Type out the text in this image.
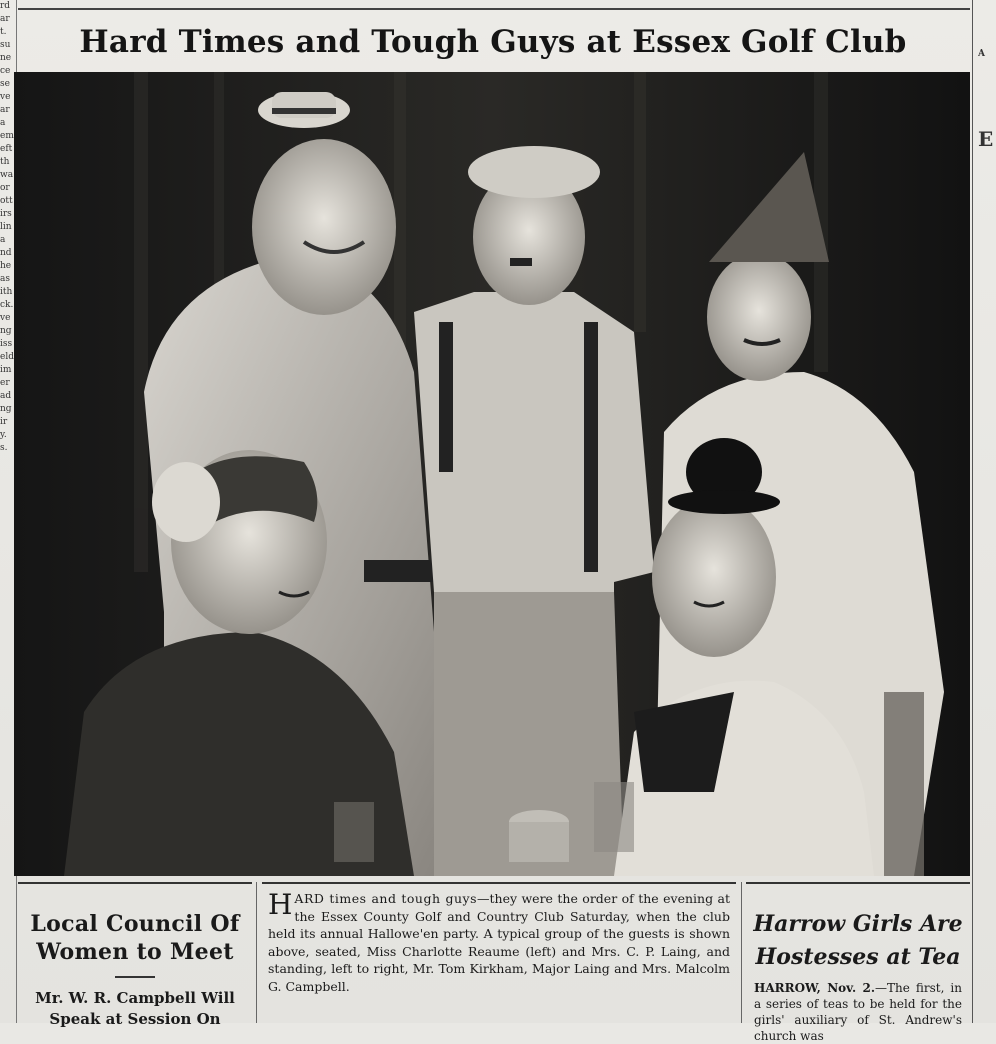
rd
ar
t.
su
ne
ce
se
ve
ar
a
em
eft
th
wa
or
ott
irs
lin
a
nd
he
as
ith
ck.
ve
ng
iss
eld
im
er
ad
ng
ir
y.
s.
Hard Times and Tough Guys at Essex Golf Club
Local Council Of
Women to Meet
Mr. W. R. Campbell Will
Speak at Session On
HARD times and tough guys—they were the order of the evening at the Essex County Golf and Country Club Saturday, when the club held its annual Hallowe'en party. A typical group of the guests is shown above, seated, Miss Charlotte Reaume (left) and Mrs. C. P. Laing, and standing, left to right, Mr. Tom Kirkham, Major Laing and Mrs. Malcolm G. Campbell.
Harrow Girls Are
Hostesses at Tea
HARROW, Nov. 2.—The first, in a series of teas to be held for the girls' auxiliary of St. Andrew's church was
A
E
